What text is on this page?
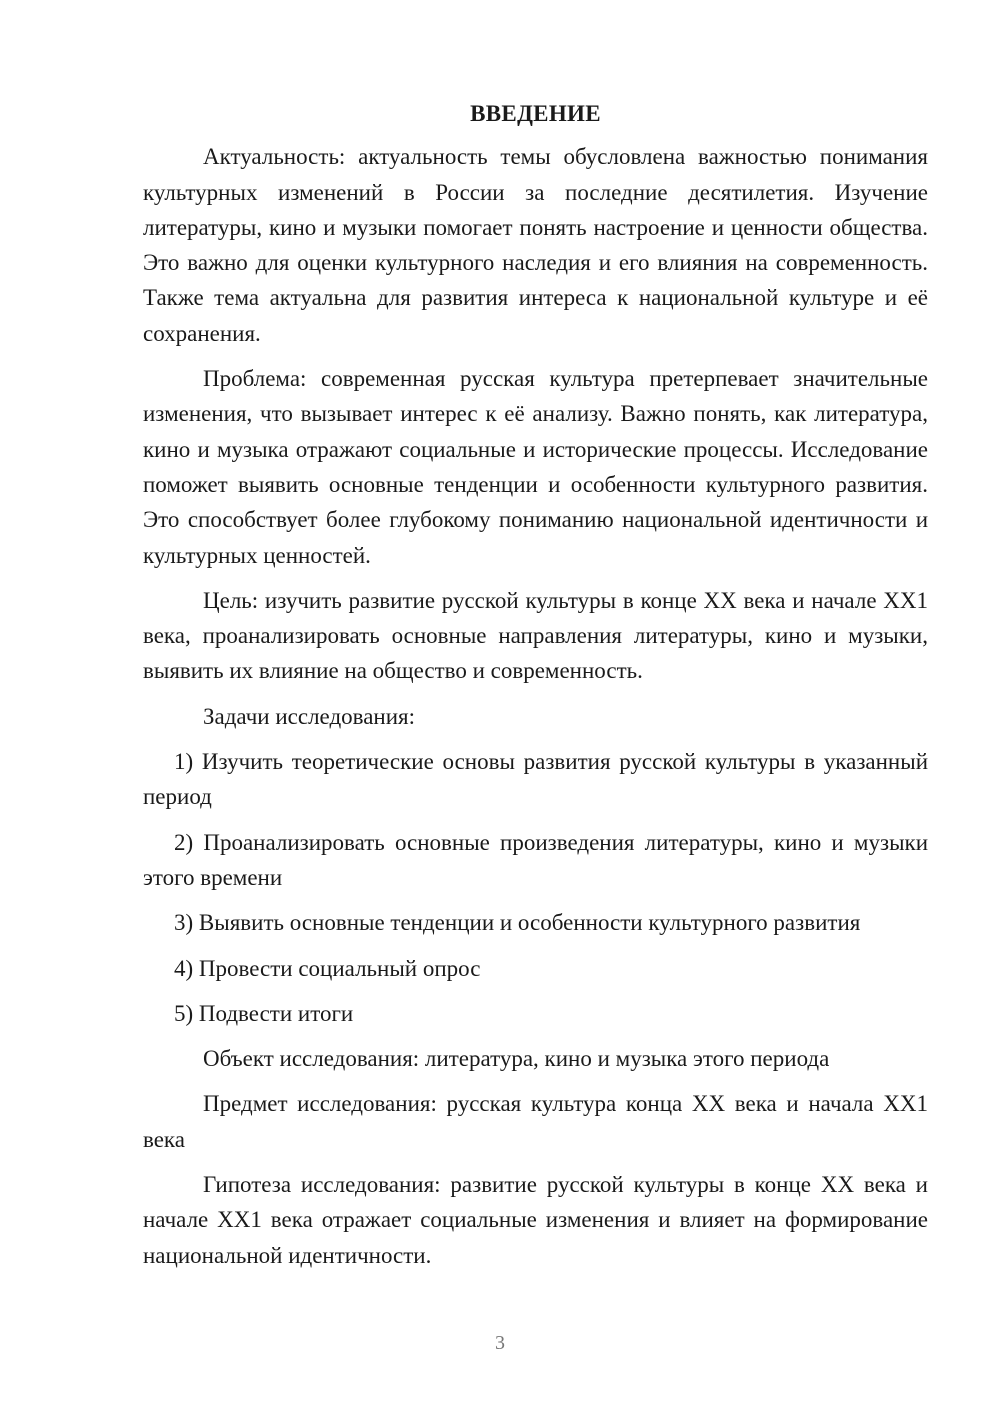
ВВЕДЕНИЕ

Актуальность: актуальность темы обусловлена важностью понимания культурных изменений в России за последние десятилетия. Изучение литературы, кино и музыки помогает понять настроение и ценности общества. Это важно для оценки культурного наследия и его влияния на современность. Также тема актуальна для развития интереса к национальной культуре и её сохранения.

Проблема: современная русская культура претерпевает значительные изменения, что вызывает интерес к её анализу. Важно понять, как литература, кино и музыка отражают социальные и исторические процессы. Исследование поможет выявить основные тенденции и особенности культурного развития. Это способствует более глубокому пониманию национальной идентичности и культурных ценностей.

Цель: изучить развитие русской культуры в конце XX века и начале XX1 века, проанализировать основные направления литературы, кино и музыки, выявить их влияние на общество и современность.

Задачи исследования:

1) Изучить теоретические основы развития русской культуры в указанный период

2) Проанализировать основные произведения литературы, кино и музыки этого времени

3) Выявить основные тенденции и особенности культурного развития

4) Провести социальный опрос

5) Подвести итоги

Объект исследования: литература, кино и музыка этого периода

Предмет исследования: русская культура конца XX века и начала XX1 века

Гипотеза исследования: развитие русской культуры в конце XX века и начале XX1 века отражает социальные изменения и влияет на формирование национальной идентичности.

3
